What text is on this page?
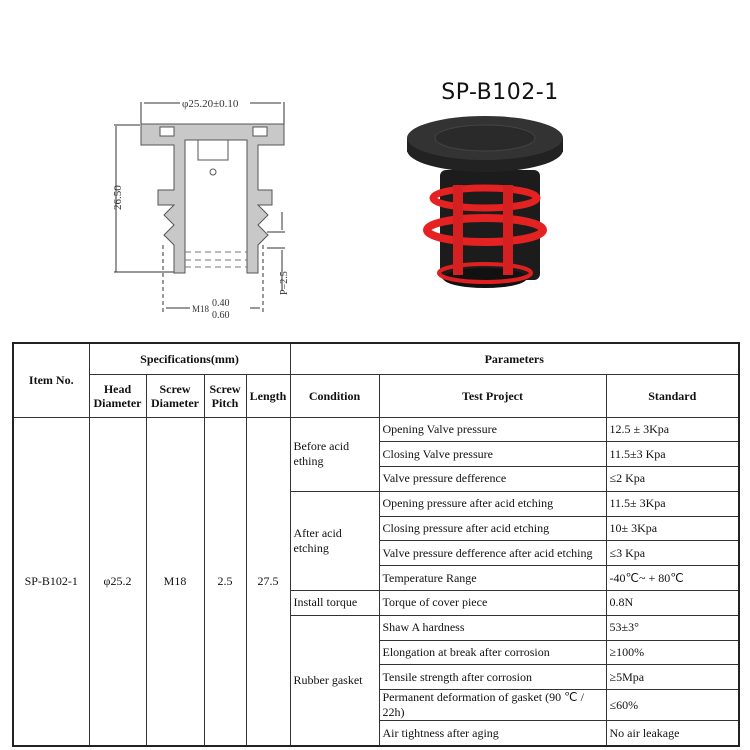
φ25.20±0.10
26.50
P=2.5
M18 0.40
0.60
SP-B102-1
Item No.	Specifications(mm)				Parameters		
	Head Diameter	Screw Diameter	Screw Pitch	Length	Condition	Test Project	Standard
SP-B102-1	φ25.2	M18	2.5	27.5	Before acid ething	Opening Valve pressure	12.5 ± 3Kpa
						Closing Valve pressure	11.5±3 Kpa
						Valve pressure defference	≤2 Kpa
					After acid etching	Opening pressure after acid etching	11.5± 3Kpa
						Closing pressure after acid etching	10± 3Kpa
						Valve pressure defference after acid etching	≤3 Kpa
						Temperature Range	-40℃~ + 80℃
					Install torque	Torque of cover piece	0.8N
					Rubber gasket	Shaw A hardness	53±3°
						Elongation at break after corrosion	≥100%
						Tensile strength after corrosion	≥5Mpa
						Permanent deformation of gasket (90 ℃ / 22h)	≤60%
						Air tightness after aging	No air leakage
